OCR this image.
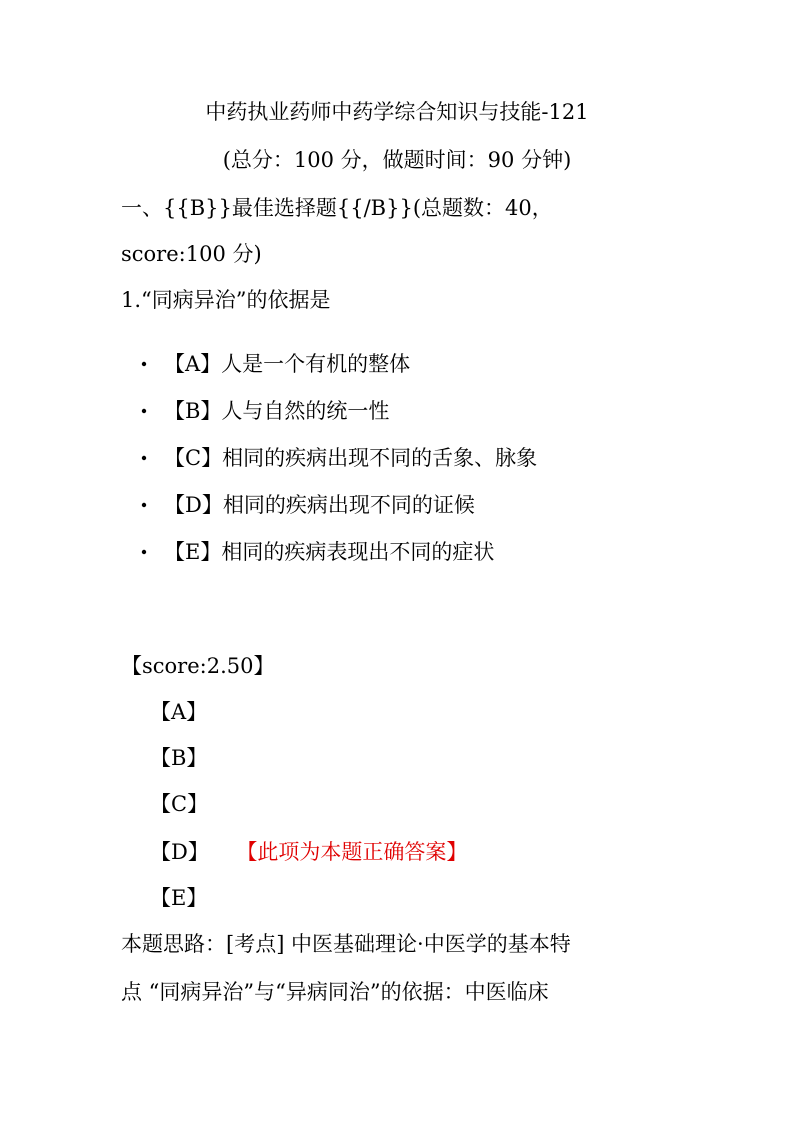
中药执业药师中药学综合知识与技能-121
(总分：100 分，做题时间：90 分钟)
一、{{B}}最佳选择题{{/B}}(总题数：40，
score:100 分)
1.“同病异治”的依据是
【A】人是一个有机的整体
【B】人与自然的统一性
【C】相同的疾病出现不同的舌象、脉象
【D】相同的疾病出现不同的证候
【E】相同的疾病表现出不同的症状
【score:2.50】
【A】
【B】
【C】
【D】 【此项为本题正确答案】
【E】
本题思路：[考点] 中医基础理论·中医学的基本特
点 “同病异治”与“异病同治”的依据：中医临床
